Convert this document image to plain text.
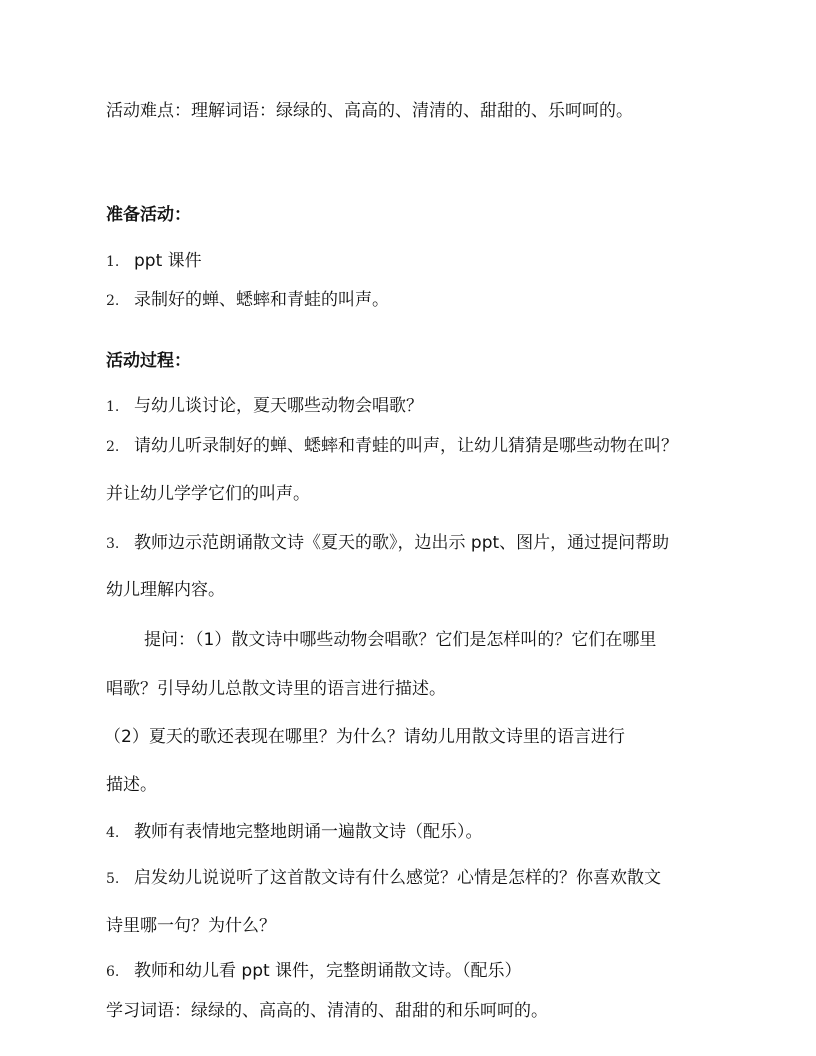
活动难点：理解词语：绿绿的、高高的、清清的、甜甜的、乐呵呵的。
准备活动：
1. ppt 课件
2. 录制好的蝉、蟋蟀和青蛙的叫声。
活动过程：
1. 与幼儿谈讨论，夏天哪些动物会唱歌？
2. 请幼儿听录制好的蝉、蟋蟀和青蛙的叫声，让幼儿猜猜是哪些动物在叫？
并让幼儿学学它们的叫声。
3. 教师边示范朗诵散文诗《夏天的歌》，边出示 ppt、图片，通过提问帮助
幼儿理解内容。
提问：（1）散文诗中哪些动物会唱歌？它们是怎样叫的？它们在哪里
唱歌？引导幼儿总散文诗里的语言进行描述。
（2）夏天的歌还表现在哪里？为什么？请幼儿用散文诗里的语言进行
描述。
4. 教师有表情地完整地朗诵一遍散文诗（配乐）。
5. 启发幼儿说说听了这首散文诗有什么感觉？心情是怎样的？你喜欢散文
诗里哪一句？为什么？
6. 教师和幼儿看 ppt 课件，完整朗诵散文诗。（配乐）
学习词语：绿绿的、高高的、清清的、甜甜的和乐呵呵的。
